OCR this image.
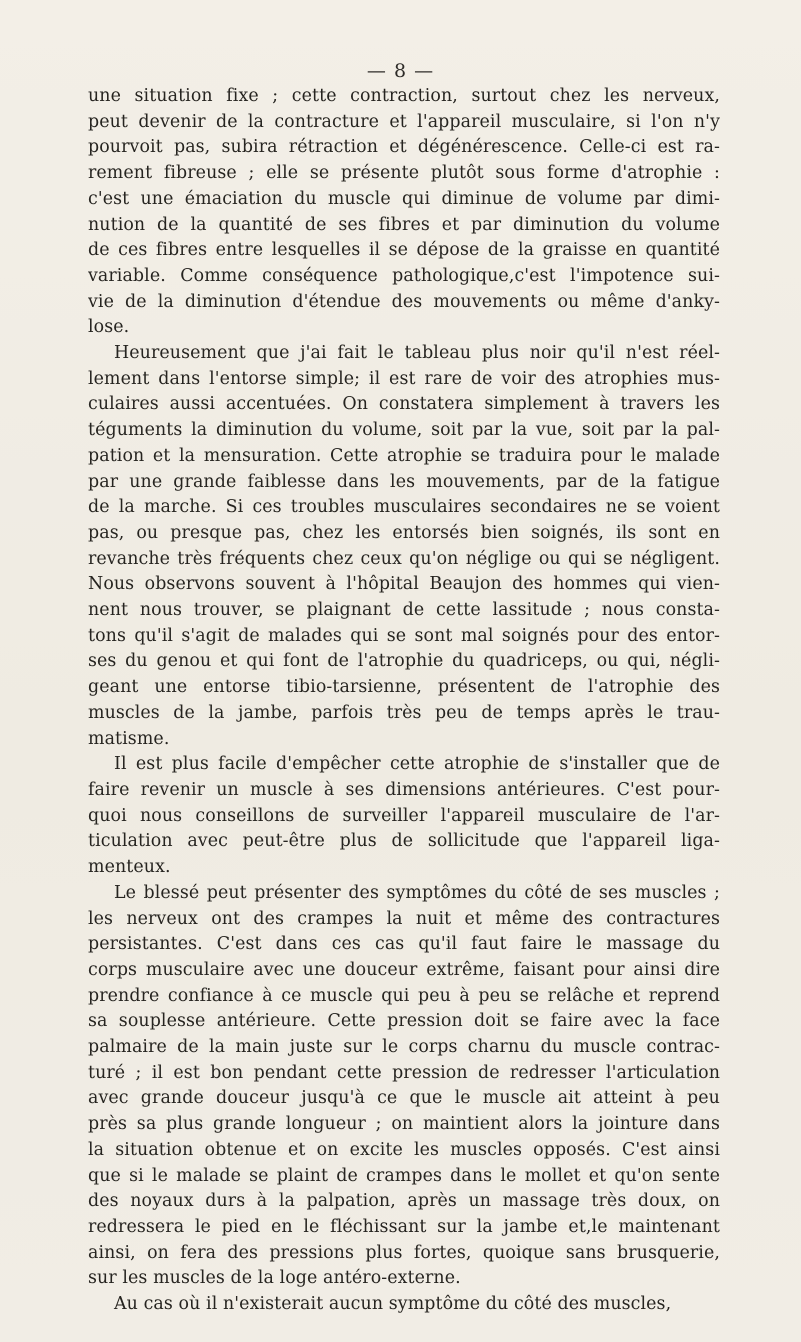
— 8 —
une situation fixe ; cette contraction, surtout chez les nerveux,
peut devenir de la contracture et l'appareil musculaire, si l'on n'y
pourvoit pas, subira rétraction et dégénérescence. Celle-ci est ra-
rement fibreuse ; elle se présente plutôt sous forme d'atrophie :
c'est une émaciation du muscle qui diminue de volume par dimi-
nution de la quantité de ses fibres et par diminution du volume
de ces fibres entre lesquelles il se dépose de la graisse en quantité
variable. Comme conséquence pathologique,c'est l'impotence sui-
vie de la diminution d'étendue des mouvements ou même d'anky-
lose.
Heureusement que j'ai fait le tableau plus noir qu'il n'est réel-
lement dans l'entorse simple; il est rare de voir des atrophies mus-
culaires aussi accentuées. On constatera simplement à travers les
téguments la diminution du volume, soit par la vue, soit par la pal-
pation et la mensuration. Cette atrophie se traduira pour le malade
par une grande faiblesse dans les mouvements, par de la fatigue
de la marche. Si ces troubles musculaires secondaires ne se voient
pas, ou presque pas, chez les entorsés bien soignés, ils sont en
revanche très fréquents chez ceux qu'on néglige ou qui se négligent.
Nous observons souvent à l'hôpital Beaujon des hommes qui vien-
nent nous trouver, se plaignant de cette lassitude ; nous consta-
tons qu'il s'agit de malades qui se sont mal soignés pour des entor-
ses du genou et qui font de l'atrophie du quadriceps, ou qui, négli-
geant une entorse tibio-tarsienne, présentent de l'atrophie des
muscles de la jambe, parfois très peu de temps après le trau-
matisme.
Il est plus facile d'empêcher cette atrophie de s'installer que de
faire revenir un muscle à ses dimensions antérieures. C'est pour-
quoi nous conseillons de surveiller l'appareil musculaire de l'ar-
ticulation avec peut-être plus de sollicitude que l'appareil liga-
menteux.
Le blessé peut présenter des symptômes du côté de ses muscles ;
les nerveux ont des crampes la nuit et même des contractures
persistantes. C'est dans ces cas qu'il faut faire le massage du
corps musculaire avec une douceur extrême, faisant pour ainsi dire
prendre confiance à ce muscle qui peu à peu se relâche et reprend
sa souplesse antérieure. Cette pression doit se faire avec la face
palmaire de la main juste sur le corps charnu du muscle contrac-
turé ; il est bon pendant cette pression de redresser l'articulation
avec grande douceur jusqu'à ce que le muscle ait atteint à peu
près sa plus grande longueur ; on maintient alors la jointure dans
la situation obtenue et on excite les muscles opposés. C'est ainsi
que si le malade se plaint de crampes dans le mollet et qu'on sente
des noyaux durs à la palpation, après un massage très doux, on
redressera le pied en le fléchissant sur la jambe et,le maintenant
ainsi, on fera des pressions plus fortes, quoique sans brusquerie,
sur les muscles de la loge antéro-externe.
Au cas où il n'existerait aucun symptôme du côté des muscles,
